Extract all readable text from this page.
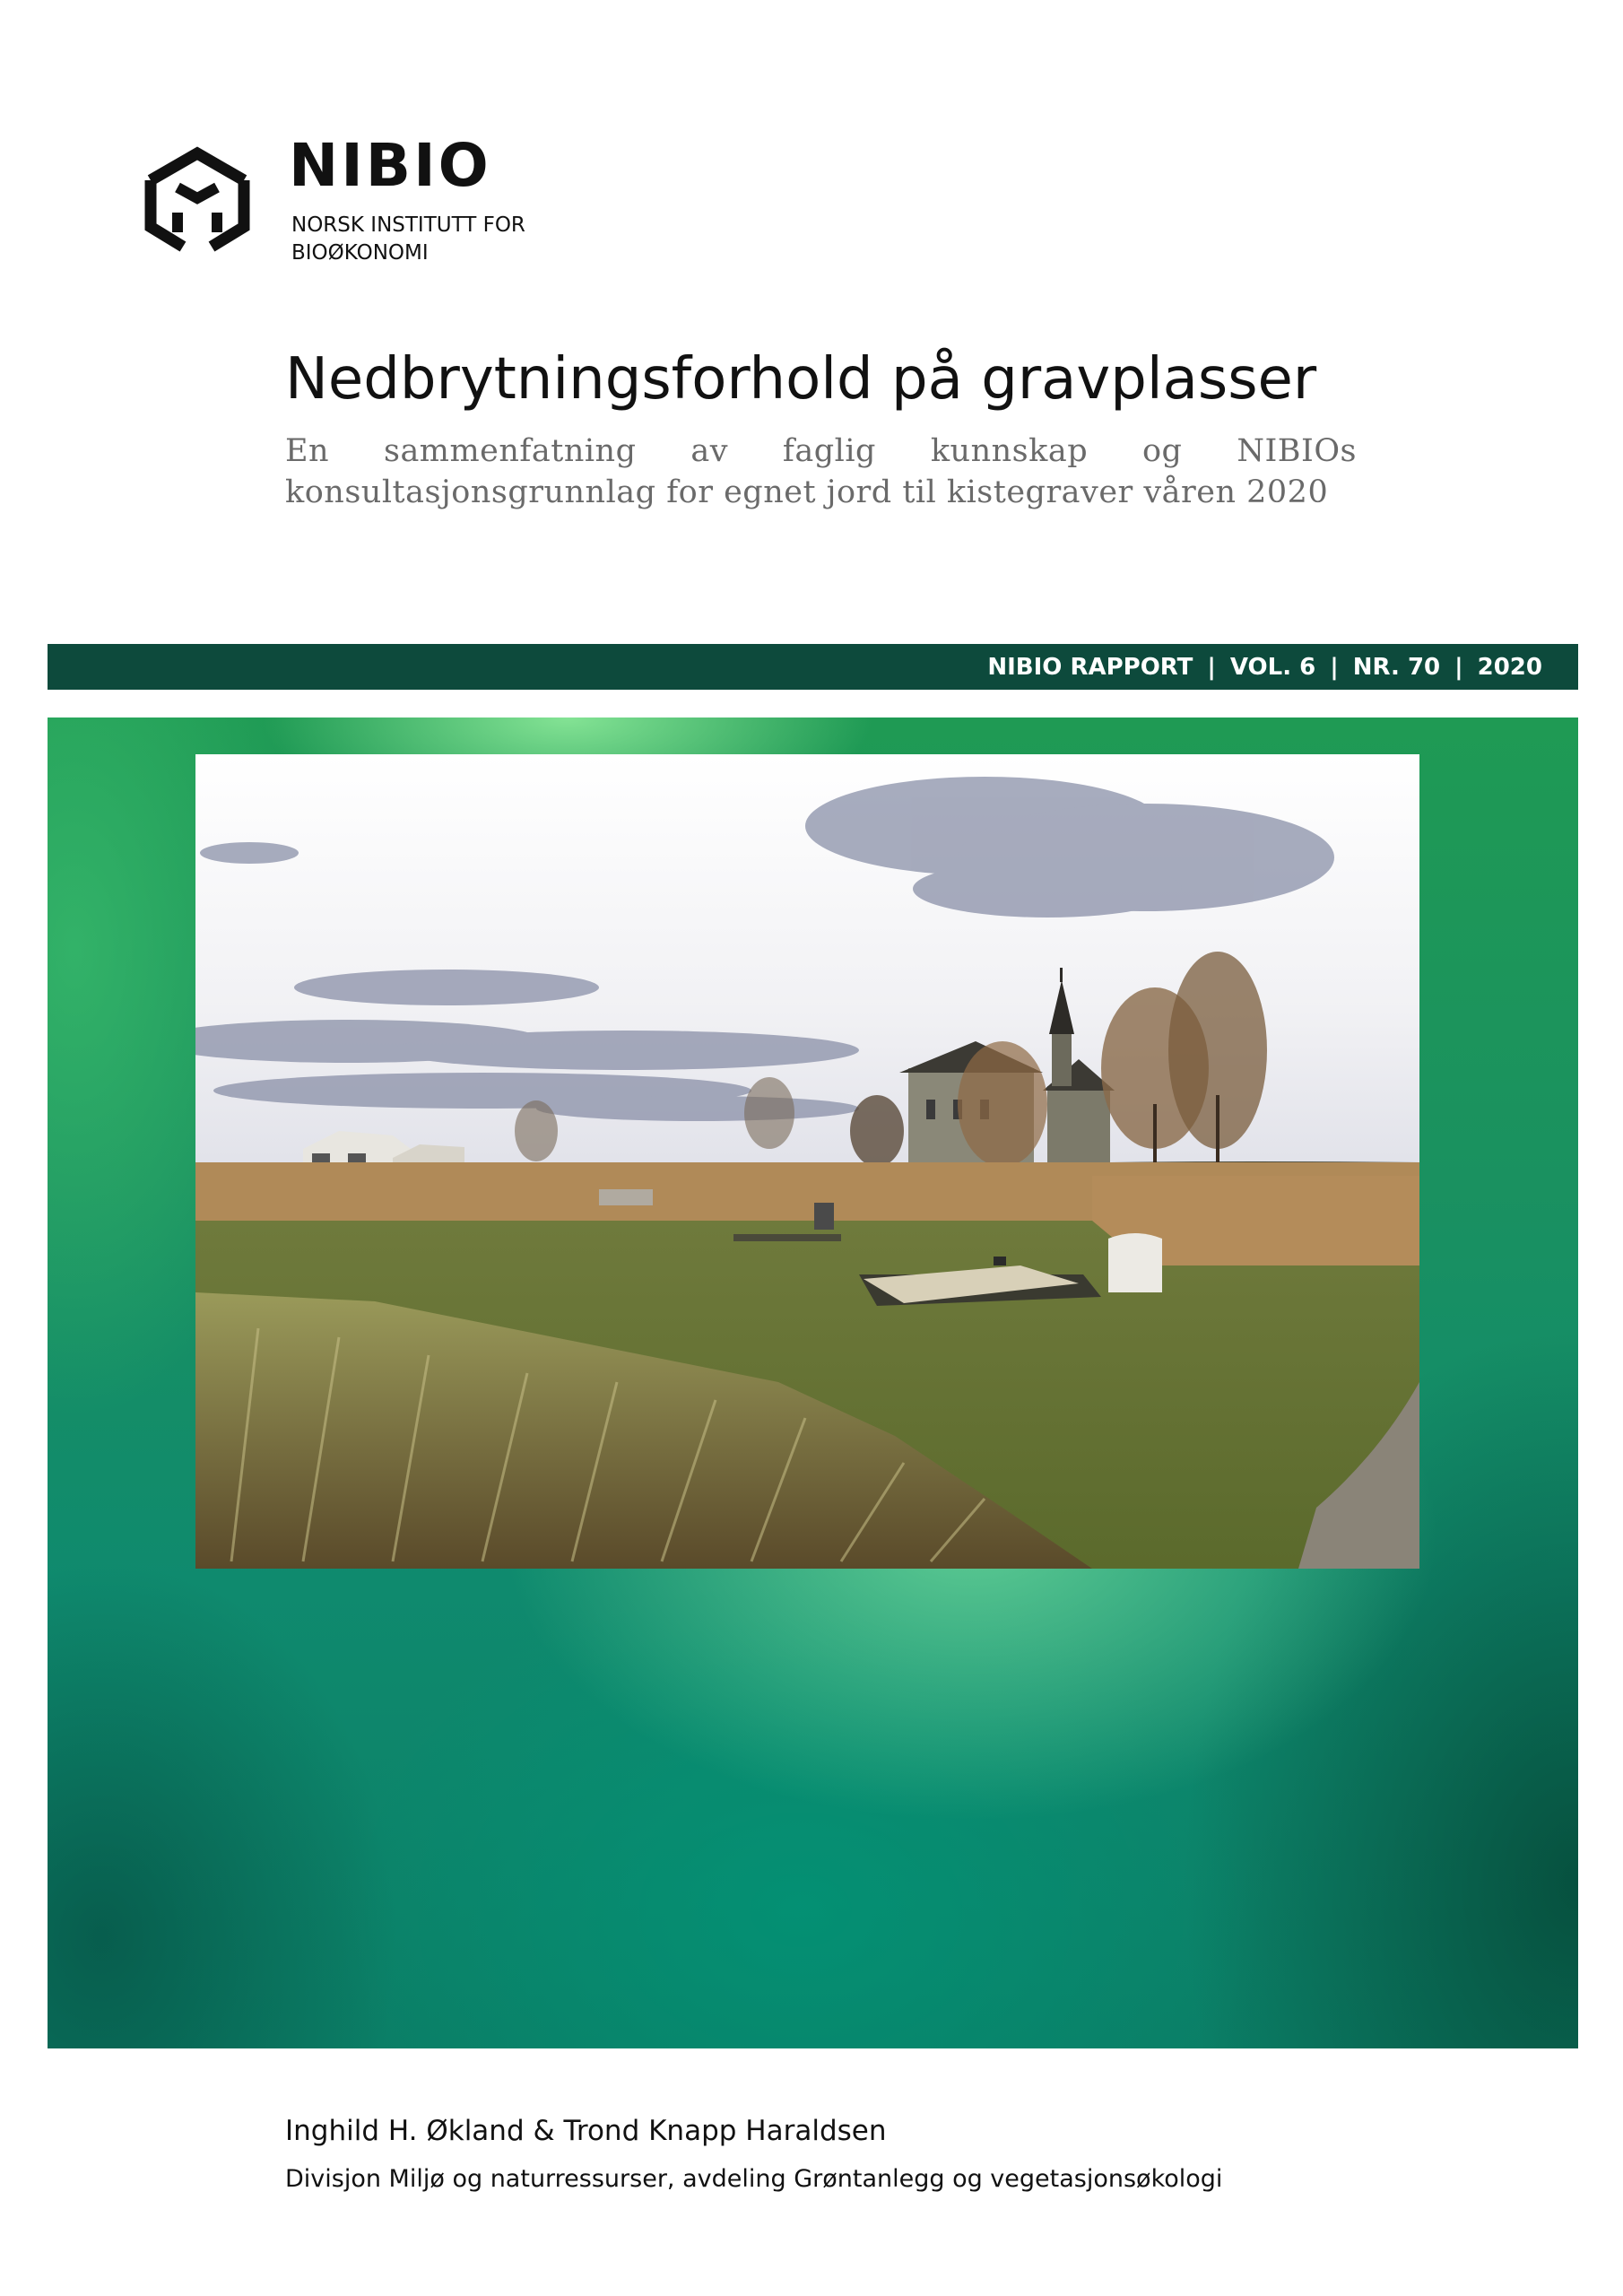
NIBIO
NORSK INSTITUTT FOR
BIOØKONOMI
Nedbrytningsforhold på gravplasser

En sammenfatning av faglig kunnskap og NIBIOs konsultasjonsgrunnlag for egnet jord til kistegraver våren 2020

NIBIO RAPPORT | VOL. 6 | NR. 70 | 2020

Inghild H. Økland & Trond Knapp Haraldsen

Divisjon Miljø og naturressurser, avdeling Grøntanlegg og vegetasjonsøkologi
